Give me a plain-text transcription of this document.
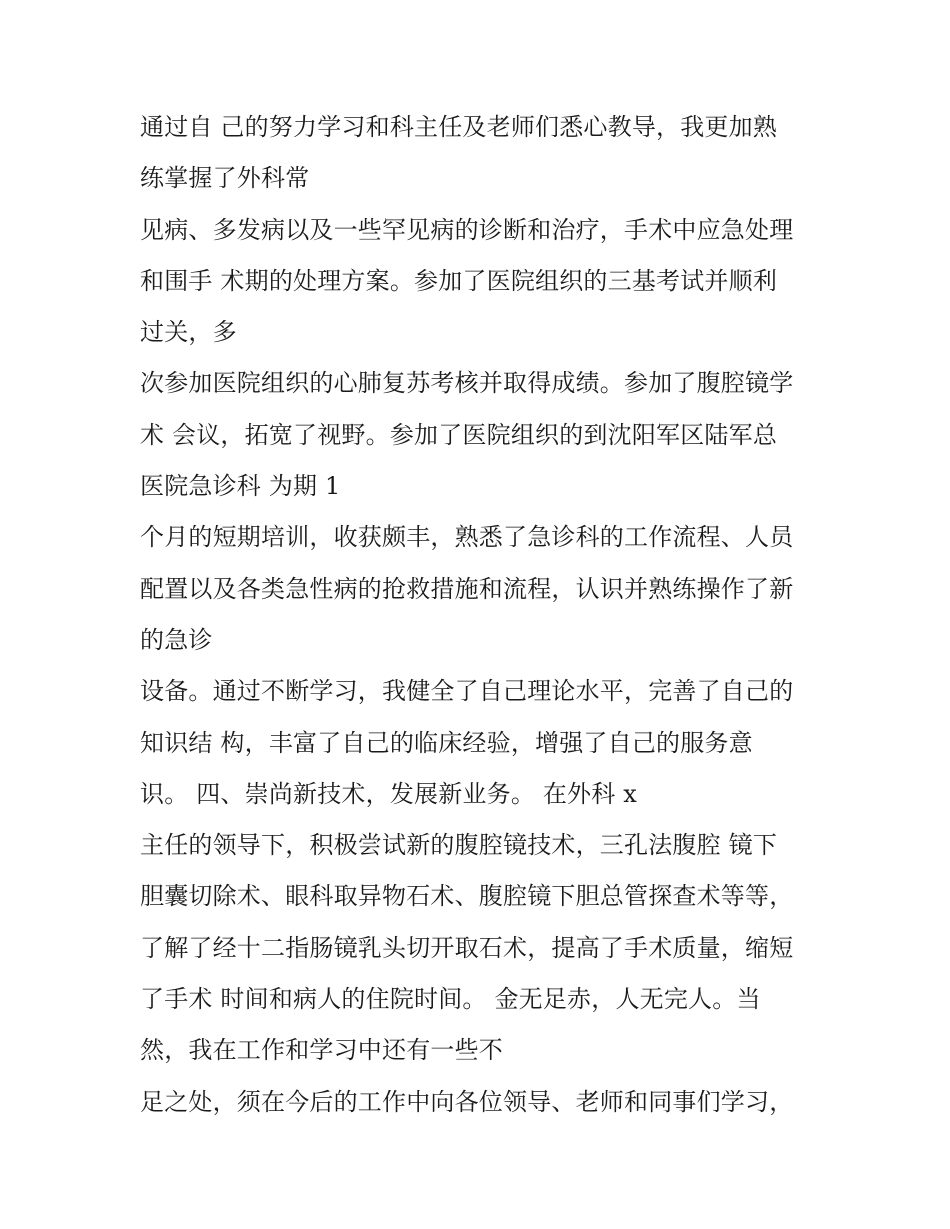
通过自 己的努力学习和科主任及老师们悉心教导，我更加熟
练掌握了外科常
见病、多发病以及一些罕见病的诊断和治疗，手术中应急处理
和围手 术期的处理方案。参加了医院组织的三基考试并顺利
过关，多
次参加医院组织的心肺复苏考核并取得成绩。参加了腹腔镜学
术 会议，拓宽了视野。参加了医院组织的到沈阳军区陆军总
医院急诊科 为期 1
个月的短期培训，收获颇丰，熟悉了急诊科的工作流程、人员
配置以及各类急性病的抢救措施和流程，认识并熟练操作了新
的急诊
设备。通过不断学习，我健全了自己理论水平，完善了自己的
知识结 构，丰富了自己的临床经验，增强了自己的服务意
识。 四、崇尚新技术，发展新业务。 在外科 x
主任的领导下，积极尝试新的腹腔镜技术，三孔法腹腔 镜下
胆囊切除术、眼科取异物石术、腹腔镜下胆总管探查术等等，
了解了经十二指肠镜乳头切开取石术，提高了手术质量，缩短
了手术 时间和病人的住院时间。 金无足赤，人无完人。当
然，我在工作和学习中还有一些不
足之处，须在今后的工作中向各位领导、老师和同事们学习，
